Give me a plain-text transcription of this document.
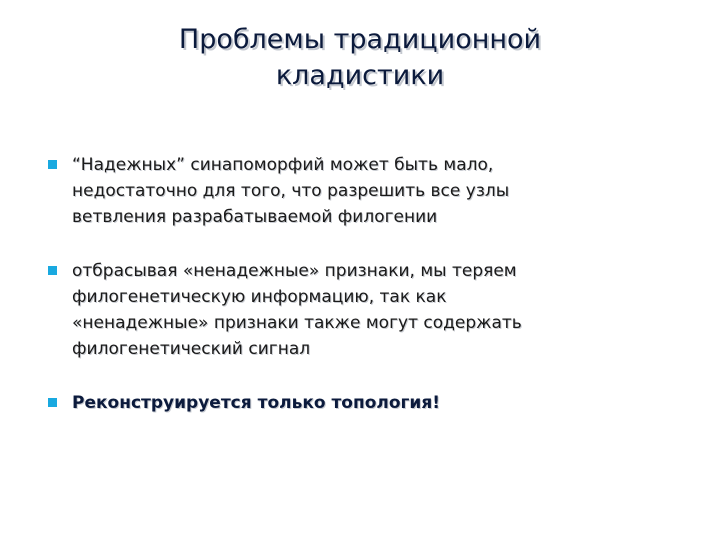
Проблемы традиционной
кладистики
“Надежных” синапоморфий может быть мало,
недостаточно для того, что разрешить все узлы
ветвления разрабатываемой филогении
отбрасывая «ненадежные» признаки, мы теряем
филогенетическую информацию, так как
«ненадежные» признаки также могут содержать
филогенетический сигнал
Реконструируется только топология!
